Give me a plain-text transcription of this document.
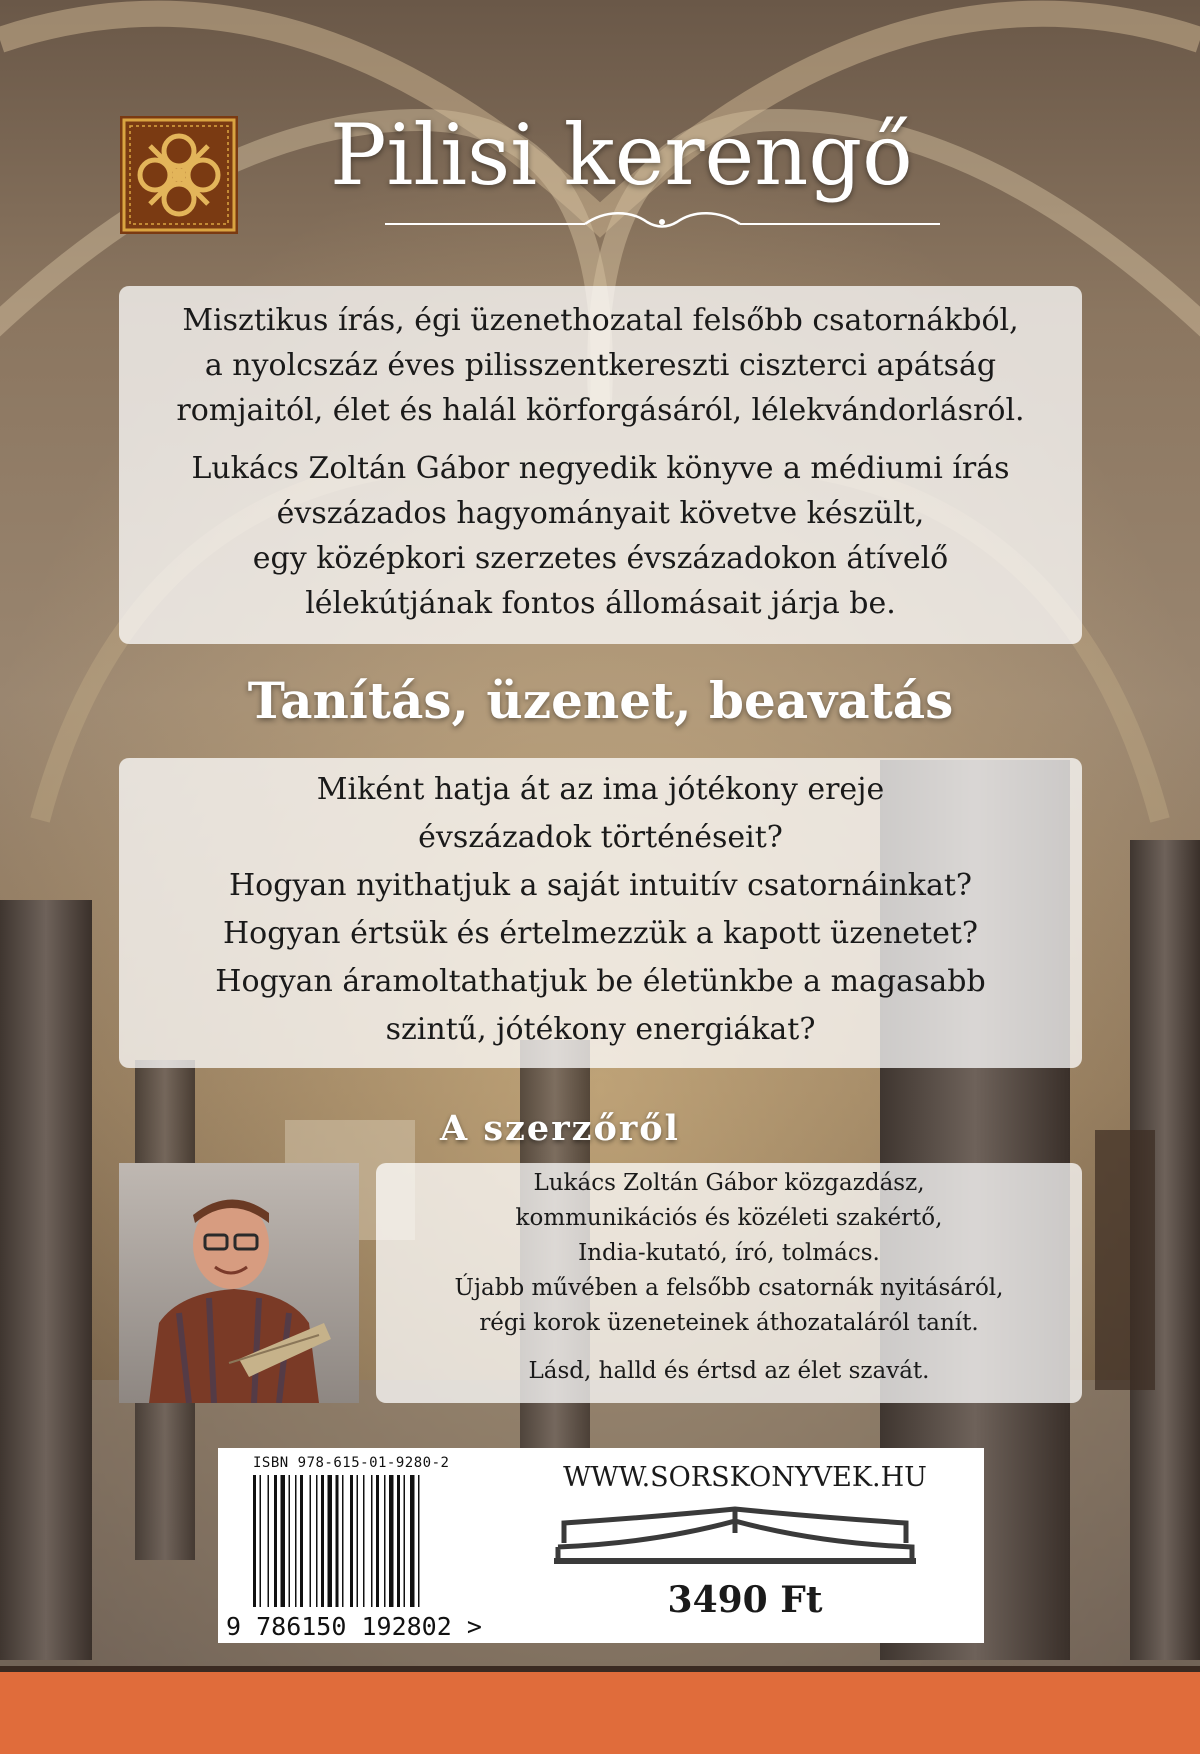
Pilisi kerengő
Misztikus írás, égi üzenethozatal felsőbb csatornákból,
a nyolcszáz éves pilisszentkereszti ciszterci apátság
romjaitól, élet és halál körforgásáról, lélekvándorlásról.
Lukács Zoltán Gábor negyedik könyve a médiumi írás
évszázados hagyományait követve készült,
egy középkori szerzetes évszázadokon átívelő
lélekútjának fontos állomásait járja be.
Tanítás, üzenet, beavatás
Miként hatja át az ima jótékony ereje
évszázadok történéseit?
Hogyan nyithatjuk a saját intuitív csatornáinkat?
Hogyan értsük és értelmezzük a kapott üzenetet?
Hogyan áramoltathatjuk be életünkbe a magasabb
szintű, jótékony energiákat?
A szerzőről
Lukács Zoltán Gábor közgazdász,
kommunikációs és közéleti szakértő,
India-kutató, író, tolmács.
Újabb művében a felsőbb csatornák nyitásáról,
régi korok üzeneteinek áthozataláról tanít.
Lásd, halld és értsd az élet szavát.
ISBN 978-615-01-9280-2
9 786150 192802 >
WWW.SORSKONYVEK.HU
3490 Ft
